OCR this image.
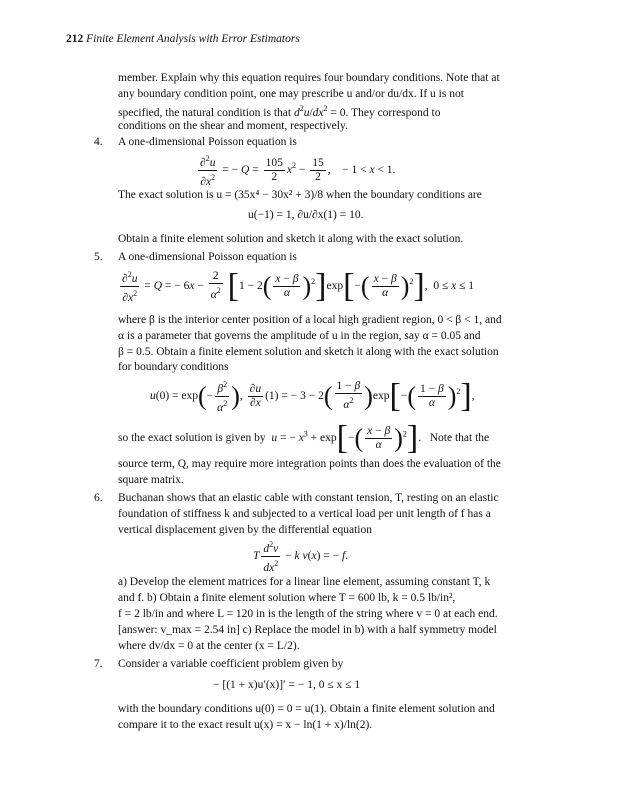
212 Finite Element Analysis with Error Estimators
member. Explain why this equation requires four boundary conditions. Note that at
any boundary condition point, one may prescribe u and/or du/dx. If u is not
specified, the natural condition is that $d^2u/dx^2 = 0$. They correspond to
conditions on the shear and moment, respectively.
4. A one-dimensional Poisson equation is
$\frac{\partial^2u}{\partial x^2}$ = − $Q = \frac{105}{2} x^2 - \frac{15}{2}$ ,    − 1 < x < 1.
The exact solution is u = (35x⁴ − 30x² + 3)/8 when the boundary conditions are
u(−1) = 1, ∂u/∂x(1) = 10.
Obtain a finite element solution and sketch it along with the exact solution.
5. A one-dimensional Poisson equation is
$\frac{\partial^2u}{\partial x^2} = Q$ = − $6x - \frac{2}{\alpha^2} [1 - 2( \frac{x - \beta}{\alpha} )^2]\exp[-( \frac{x - \beta}{\alpha} )^2]$,  0 ≤ x ≤ 1
where β is the interior center position of a local high gradient region, 0 < β < 1, and
α is a parameter that governs the amplitude of u in the region, say α = 0.05 and
β = 0.5. Obtain a finite element solution and sketch it along with the exact solution
for boundary conditions
$u(0) = \exp(- \frac{\beta^2}{\alpha^2}$ ), $\frac{\partial u}{\partial x} (1)$ = − $3 - 2( \frac{1 - \beta}{\alpha^2} )\exp[-( \frac{1 - \beta}{\alpha} )^2]$,
so the exact solution is given by u = − $x^3 + \exp[-( \frac{x - \beta}{\alpha} )^2]$.   Note that the
source term, Q, may require more integration points than does the evaluation of the
square matrix.
6. Buchanan shows that an elastic cable with constant tension, T, resting on an elastic
foundation of stiffness k and subjected to a vertical load per unit length of f has a
vertical displacement given by the differential equation
T $\frac{d^2v}{dx^2} - k$ v(x) = − f.
a) Develop the element matrices for a linear line element, assuming constant T, k
and f. b) Obtain a finite element solution where T = 600 lb, k = 0.5 lb/in²,
f = 2 lb/in and where L = 120 in is the length of the string where v = 0 at each end.
[answer: v_max = 2.54 in] c) Replace the model in b) with a half symmetry model
where dv/dx = 0 at the center (x = L/2).
7. Consider a variable coefficient problem given by
− [(1 + x)u′(x)]′ = − 1, 0 ≤ x ≤ 1
with the boundary conditions u(0) = 0 = u(1). Obtain a finite element solution and
compare it to the exact result u(x) = x − ln(1 + x)/ln(2).
